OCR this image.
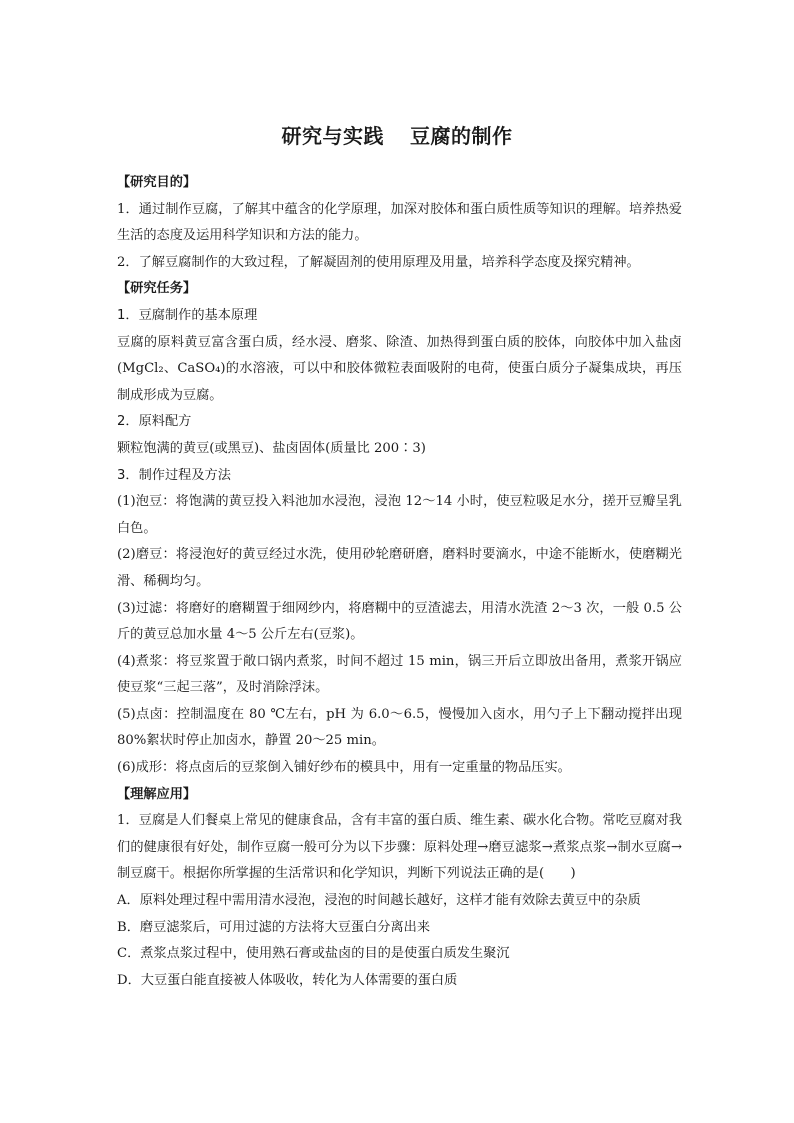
研究与实践 豆腐的制作

【研究目的】

1．通过制作豆腐，了解其中蕴含的化学原理，加深对胶体和蛋白质性质等知识的理解。培养热爱生活的态度及运用科学知识和方法的能力。

2．了解豆腐制作的大致过程，了解凝固剂的使用原理及用量，培养科学态度及探究精神。

【研究任务】

1．豆腐制作的基本原理

豆腐的原料黄豆富含蛋白质，经水浸、磨浆、除渣、加热得到蛋白质的胶体，向胶体中加入盐卤(MgCl₂、CaSO₄)的水溶液，可以中和胶体微粒表面吸附的电荷，使蛋白质分子凝集成块，再压制成形成为豆腐。

2．原料配方

颗粒饱满的黄豆(或黑豆)、盐卤固体(质量比 200∶3)

3．制作过程及方法

(1)泡豆：将饱满的黄豆投入料池加水浸泡，浸泡 12～14 小时，使豆粒吸足水分，搓开豆瓣呈乳白色。

(2)磨豆：将浸泡好的黄豆经过水洗，使用砂轮磨研磨，磨料时要滴水，中途不能断水，使磨糊光滑、稀稠均匀。

(3)过滤：将磨好的磨糊置于细网纱内，将磨糊中的豆渣滤去，用清水洗渣 2～3 次，一般 0.5 公斤的黄豆总加水量 4～5 公斤左右(豆浆)。

(4)煮浆：将豆浆置于敞口锅内煮浆，时间不超过 15 min，锅三开后立即放出备用，煮浆开锅应使豆浆“三起三落”，及时消除浮沫。

(5)点卤：控制温度在 80 ℃左右，pH 为 6.0～6.5，慢慢加入卤水，用勺子上下翻动搅拌出现 80%絮状时停止加卤水，静置 20～25 min。

(6)成形：将点卤后的豆浆倒入铺好纱布的模具中，用有一定重量的物品压实。

【理解应用】

1．豆腐是人们餐桌上常见的健康食品，含有丰富的蛋白质、维生素、碳水化合物。常吃豆腐对我们的健康很有好处，制作豆腐一般可分为以下步骤：原料处理→磨豆滤浆→煮浆点浆→制水豆腐→制豆腐干。根据你所掌握的生活常识和化学知识，判断下列说法正确的是(　　)

A．原料处理过程中需用清水浸泡，浸泡的时间越长越好，这样才能有效除去黄豆中的杂质

B．磨豆滤浆后，可用过滤的方法将大豆蛋白分离出来

C．煮浆点浆过程中，使用熟石膏或盐卤的目的是使蛋白质发生聚沉

D．大豆蛋白能直接被人体吸收，转化为人体需要的蛋白质
